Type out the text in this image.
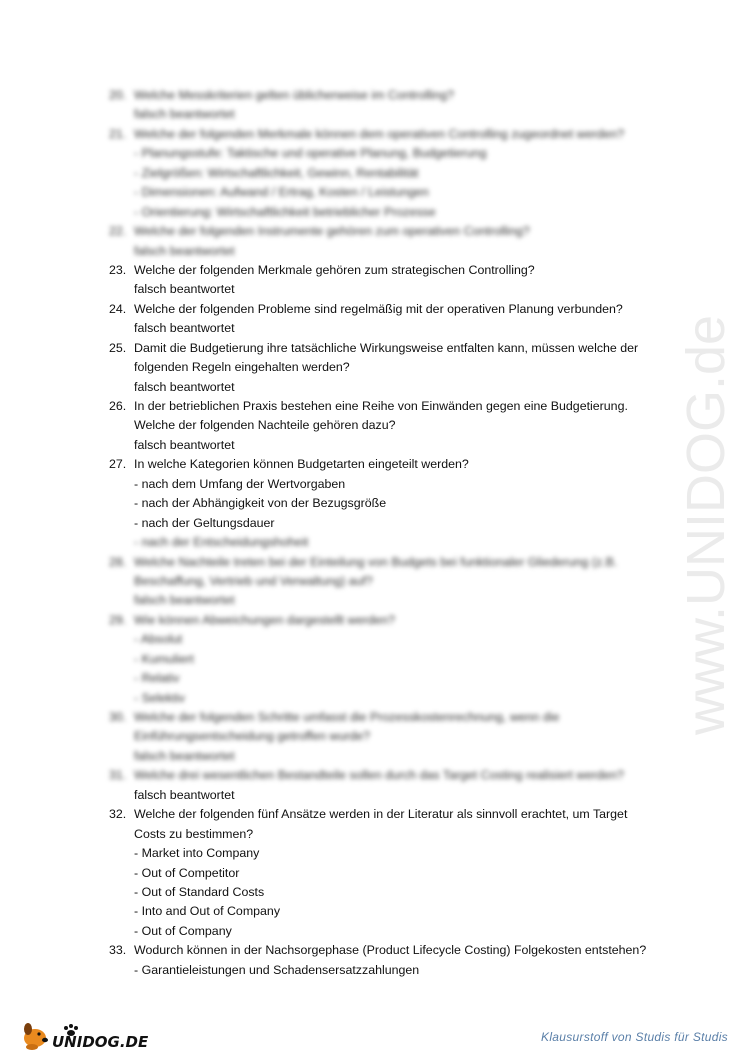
20. Welche Messkriterien gelten üblicherweise im Controlling?
falsch beantwortet
21. Welche der folgenden Merkmale können dem operativen Controlling zugeordnet werden?
- Planungsstufe: Taktische und operative Planung, Budgetierung
- Zielgrößen: Wirtschaftlichkeit, Gewinn, Rentabilität
- Dimensionen: Aufwand / Ertrag, Kosten / Leistungen
- Orientierung: Wirtschaftlichkeit betrieblicher Prozesse
22. Welche der folgenden Instrumente gehören zum operativen Controlling?
falsch beantwortet
23. Welche der folgenden Merkmale gehören zum strategischen Controlling?
falsch beantwortet
24. Welche der folgenden Probleme sind regelmäßig mit der operativen Planung verbunden?
falsch beantwortet
25. Damit die Budgetierung ihre tatsächliche Wirkungsweise entfalten kann, müssen welche der
folgenden Regeln eingehalten werden?
falsch beantwortet
26. In der betrieblichen Praxis bestehen eine Reihe von Einwänden gegen eine Budgetierung.
Welche der folgenden Nachteile gehören dazu?
falsch beantwortet
27. In welche Kategorien können Budgetarten eingeteilt werden?
- nach dem Umfang der Wertvorgaben
- nach der Abhängigkeit von der Bezugsgröße
- nach der Geltungsdauer
- nach der Entscheidungshoheit
28. Welche Nachteile treten bei der Einteilung von Budgets bei funktionaler Gliederung (z.B.
Beschaffung, Vertrieb und Verwaltung) auf?
falsch beantwortet
29. Wie können Abweichungen dargestellt werden?
- Absolut
- Kumuliert
- Relativ
- Selektiv
30. Welche der folgenden Schritte umfasst die Prozesskostenrechnung, wenn die
Einführungsentscheidung getroffen wurde?
falsch beantwortet
31. Welche drei wesentlichen Bestandteile sollen durch das Target Costing realisiert werden?
falsch beantwortet
32. Welche der folgenden fünf Ansätze werden in der Literatur als sinnvoll erachtet, um Target
Costs zu bestimmen?
- Market into Company
- Out of Competitor
- Out of Standard Costs
- Into and Out of Company
- Out of Company
33. Wodurch können in der Nachsorgephase (Product Lifecycle Costing) Folgekosten entstehen?
- Garantieleistungen und Schadensersatzzahlungen
www.UNIDOG.de
UNIDOG.DE	Klausurstoff von Studis für Studis
